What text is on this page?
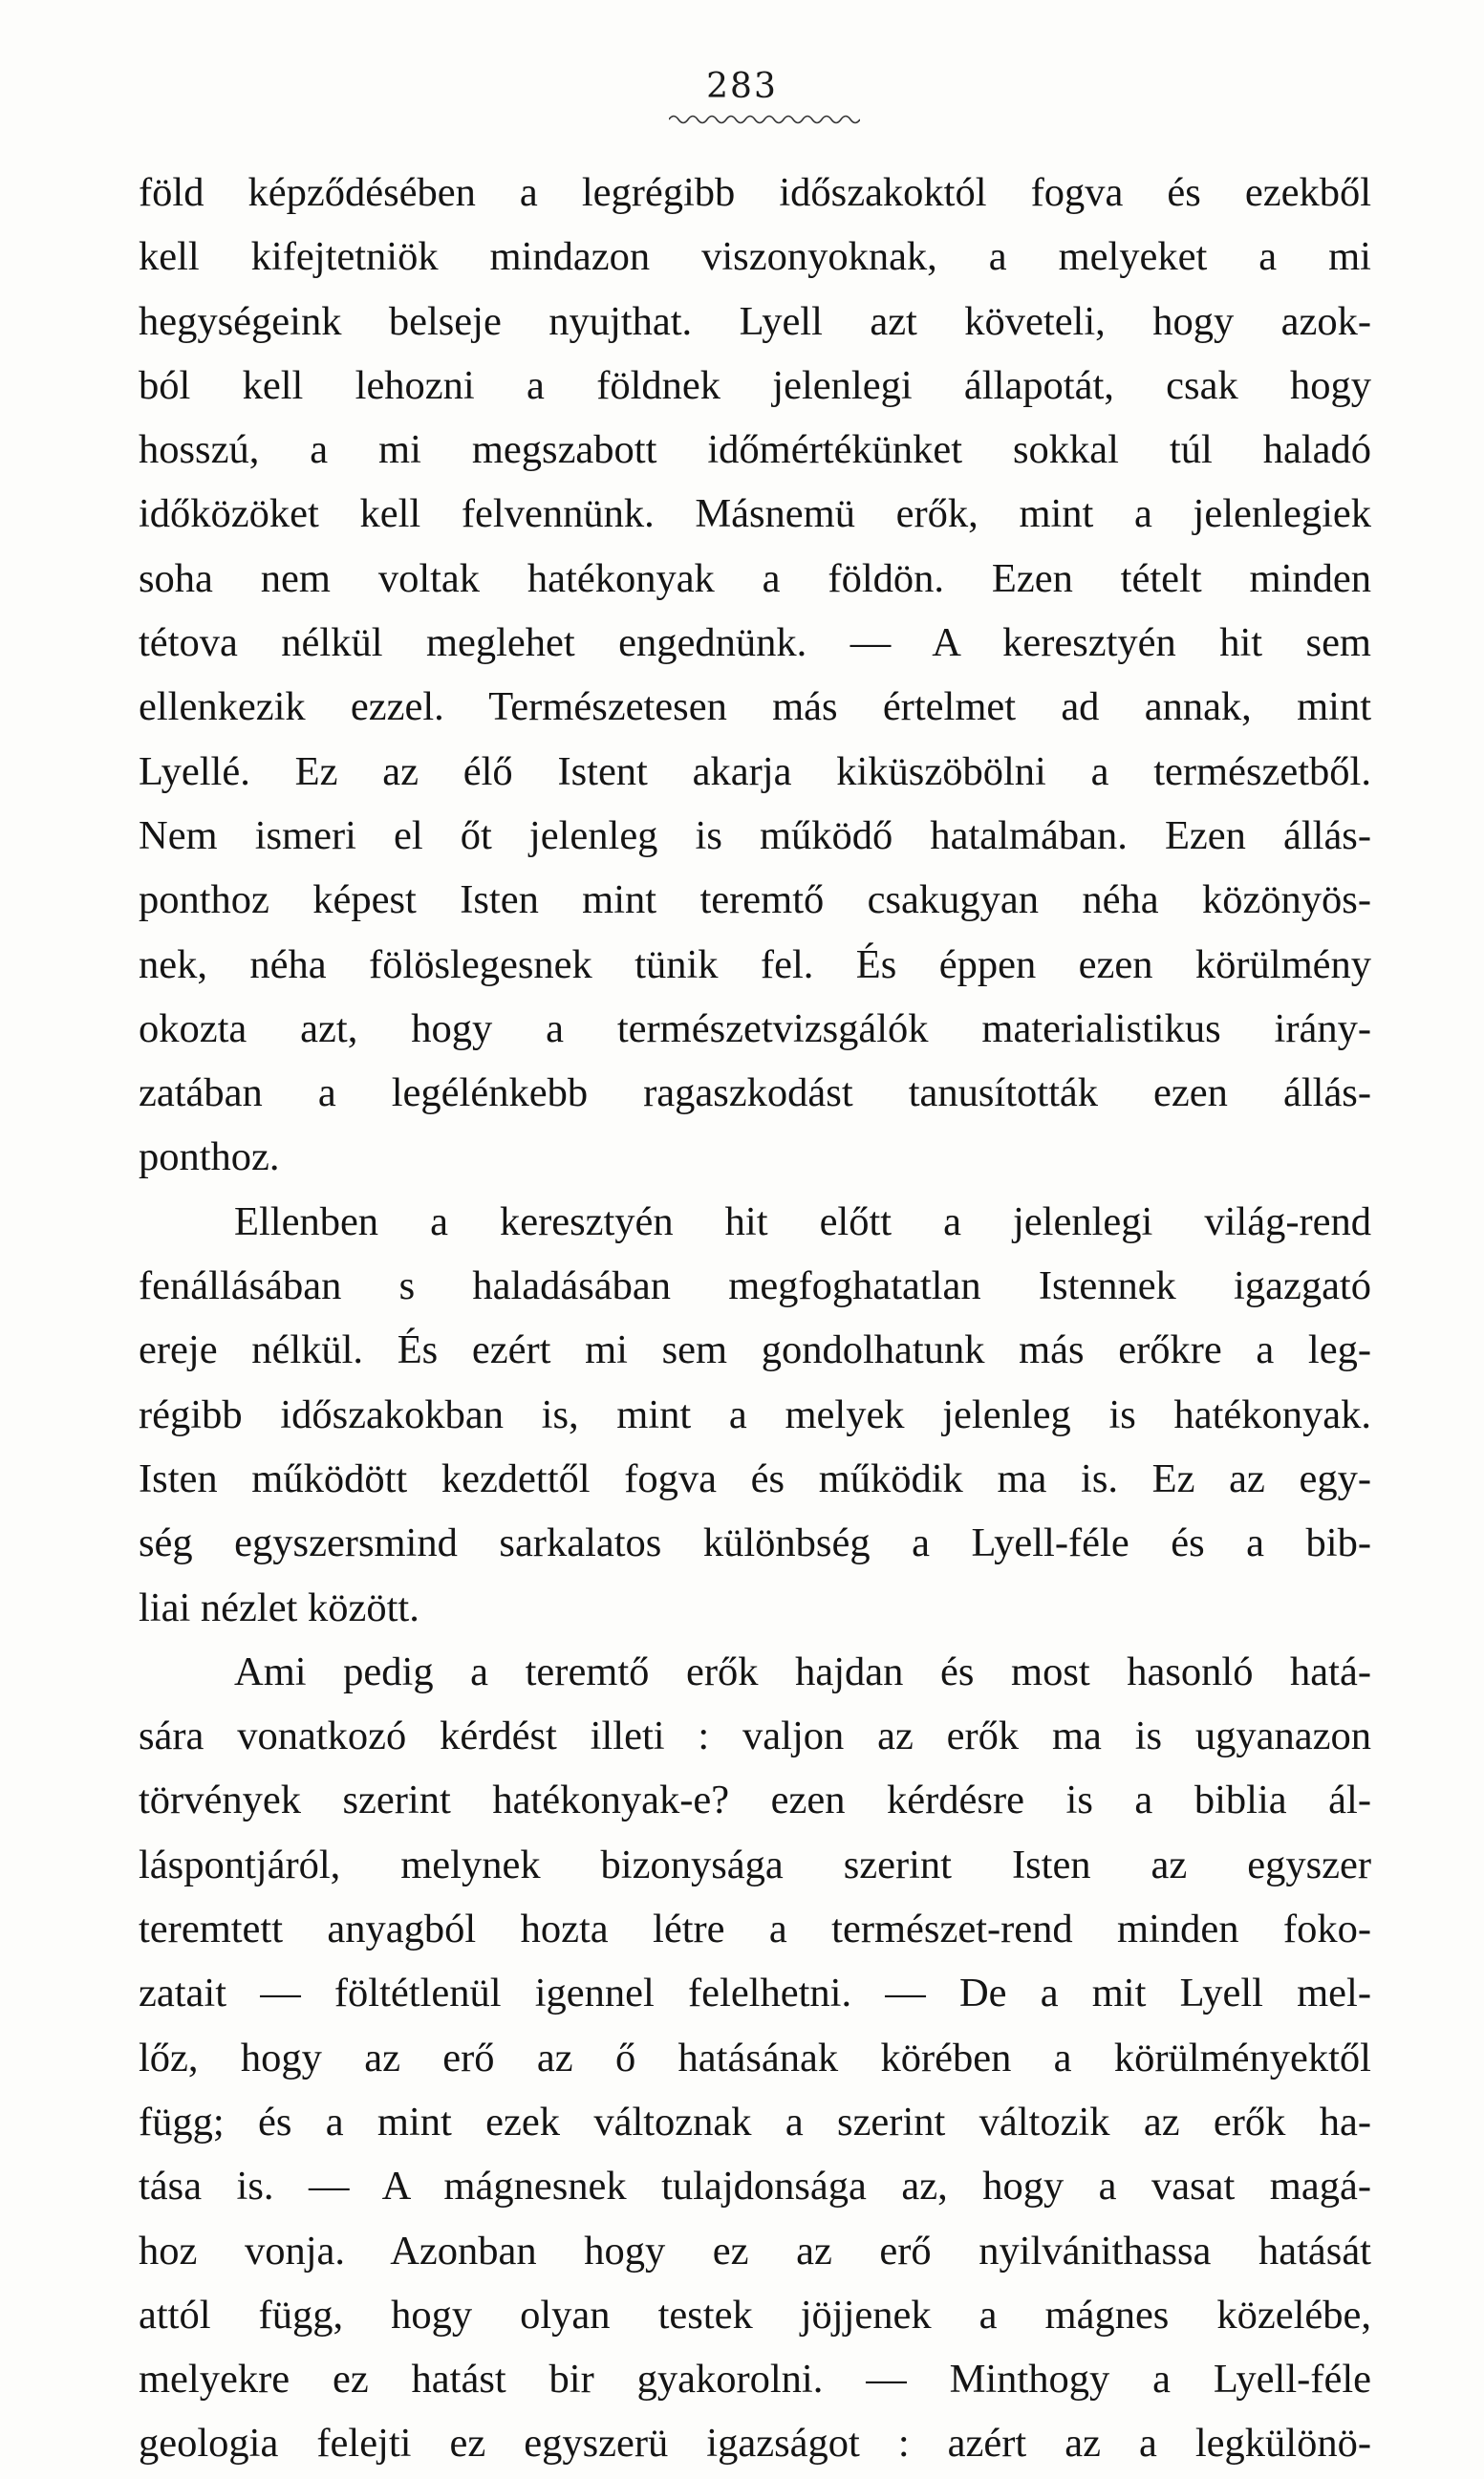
283
föld képződésében a legrégibb időszakoktól fogva és ezekből
kell kifejtetniök mindazon viszonyoknak, a melyeket a mi
hegységeink belseje nyujthat. Lyell azt követeli, hogy azok-
ból kell lehozni a földnek jelenlegi állapotát, csak hogy
hosszú, a mi megszabott időmértékünket sokkal túl haladó
időközöket kell felvennünk. Másnemü erők, mint a jelenlegiek
soha nem voltak hatékonyak a földön. Ezen tételt minden
tétova nélkül meglehet engednünk. — A keresztyén hit sem
ellenkezik ezzel. Természetesen más értelmet ad annak, mint
Lyellé. Ez az élő Istent akarja kiküszöbölni a természetből.
Nem ismeri el őt jelenleg is működő hatalmában. Ezen állás-
ponthoz képest Isten mint teremtő csakugyan néha közönyös-
nek, néha fölöslegesnek tünik fel. És éppen ezen körülmény
okozta azt, hogy a természetvizsgálók materialistikus irány-
zatában a legélénkebb ragaszkodást tanusították ezen állás-
ponthoz.
Ellenben a keresztyén hit előtt a jelenlegi világ-rend
fenállásában s haladásában megfoghatatlan Istennek igazgató
ereje nélkül. És ezért mi sem gondolhatunk más erőkre a leg-
régibb időszakokban is, mint a melyek jelenleg is hatékonyak.
Isten működött kezdettől fogva és működik ma is. Ez az egy-
ség egyszersmind sarkalatos különbség a Lyell-féle és a bib-
liai nézlet között.
Ami pedig a teremtő erők hajdan és most hasonló hatá-
sára vonatkozó kérdést illeti : valjon az erők ma is ugyanazon
törvények szerint hatékonyak-e? ezen kérdésre is a biblia ál-
láspontjáról, melynek bizonysága szerint Isten az egyszer
teremtett anyagból hozta létre a természet-rend minden foko-
zatait — föltétlenül igennel felelhetni. — De a mit Lyell mel-
lőz, hogy az erő az ő hatásának körében a körülményektől
függ; és a mint ezek változnak a szerint változik az erők ha-
tása is. — A mágnesnek tulajdonsága az, hogy a vasat magá-
hoz vonja. Azonban hogy ez az erő nyilvánithassa hatását
attól függ, hogy olyan testek jöjjenek a mágnes közelébe,
melyekre ez hatást bir gyakorolni. — Minthogy a Lyell-féle
geologia felejti ez egyszerü igazságot : azért az a legkülönö-
